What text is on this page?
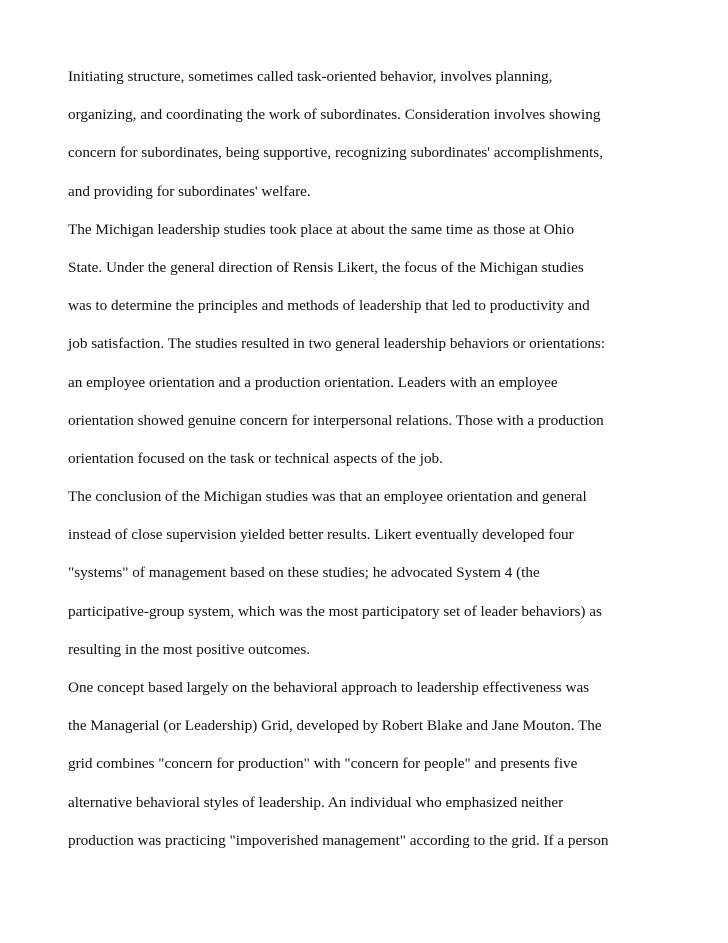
Initiating structure, sometimes called task-oriented behavior, involves planning,
organizing, and coordinating the work of subordinates. Consideration involves showing
concern for subordinates, being supportive, recognizing subordinates' accomplishments,
and providing for subordinates' welfare.

The Michigan leadership studies took place at about the same time as those at Ohio
State. Under the general direction of Rensis Likert, the focus of the Michigan studies
was to determine the principles and methods of leadership that led to productivity and
job satisfaction. The studies resulted in two general leadership behaviors or orientations:
an employee orientation and a production orientation. Leaders with an employee
orientation showed genuine concern for interpersonal relations. Those with a production
orientation focused on the task or technical aspects of the job.

The conclusion of the Michigan studies was that an employee orientation and general
instead of close supervision yielded better results. Likert eventually developed four
"systems" of management based on these studies; he advocated System 4 (the
participative-group system, which was the most participatory set of leader behaviors) as
resulting in the most positive outcomes.

One concept based largely on the behavioral approach to leadership effectiveness was
the Managerial (or Leadership) Grid, developed by Robert Blake and Jane Mouton. The
grid combines "concern for production" with "concern for people" and presents five
alternative behavioral styles of leadership. An individual who emphasized neither
production was practicing "impoverished management" according to the grid. If a person
